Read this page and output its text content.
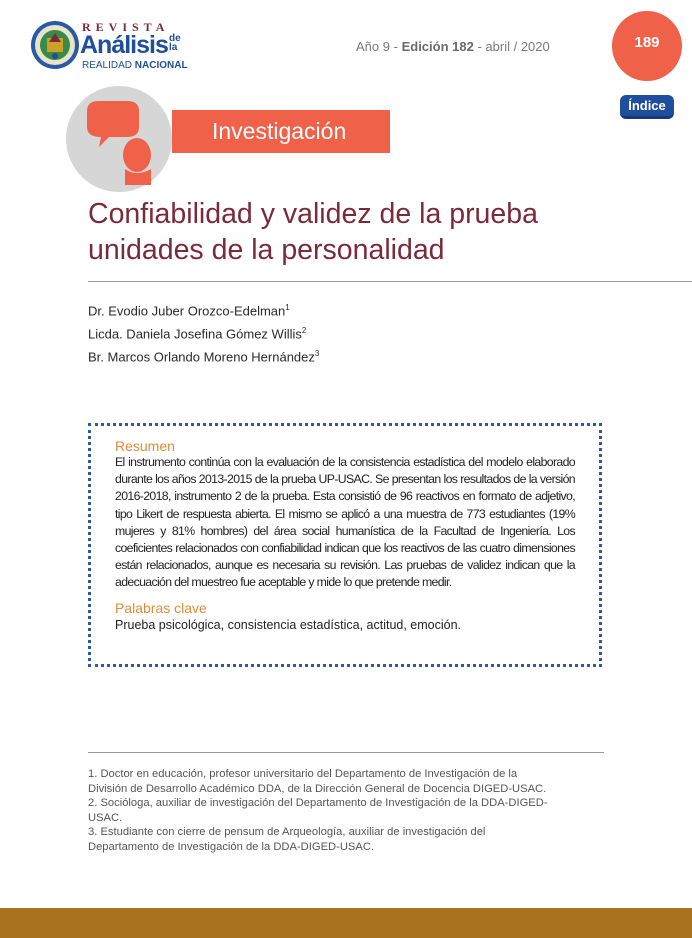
REVISTA
Análisis de la
REALIDAD NACIONAL
Año 9 - Edición 182 - abril / 2020	189
Índice
Investigación
Confiabilidad y validez de la prueba
unidades de la personalidad
Dr. Evodio Juber Orozco-Edelman$^1$
Licda. Daniela Josefina Gómez Willis$^2$
Br. Marcos Orlando Moreno Hernández$^3$
Resumen
El instrumento continúa con la evaluación de la consistencia estadística del modelo elaborado durante los años 2013-2015 de la prueba UP-USAC. Se presentan los resultados de la versión 2016-2018, instrumento 2 de la prueba. Esta consistió de 96 reactivos en formato de adjetivo, tipo Likert de respuesta abierta. El mismo se aplicó a una muestra de 773 estudiantes (19% mujeres y 81% hombres) del área social humanística de la Facultad de Ingeniería. Los coeficientes relacionados con confiabilidad indican que los reactivos de las cuatro dimensiones están relacionados, aunque es necesaria su revisión. Las pruebas de validez indican que la adecuación del muestreo fue aceptable y mide lo que pretende medir.
Palabras clave
Prueba psicológica, consistencia estadística, actitud, emoción.
1. Doctor en educación, profesor universitario del Departamento de Investigación de la División de Desarrollo Académico DDA, de la Dirección General de Docencia DIGED-USAC.
2. Socióloga, auxiliar de investigación del Departamento de Investigación de la DDA-DIGED-USAC.
3. Estudiante con cierre de pensum de Arqueología, auxiliar de investigación del Departamento de Investigación de la DDA-DIGED-USAC.
